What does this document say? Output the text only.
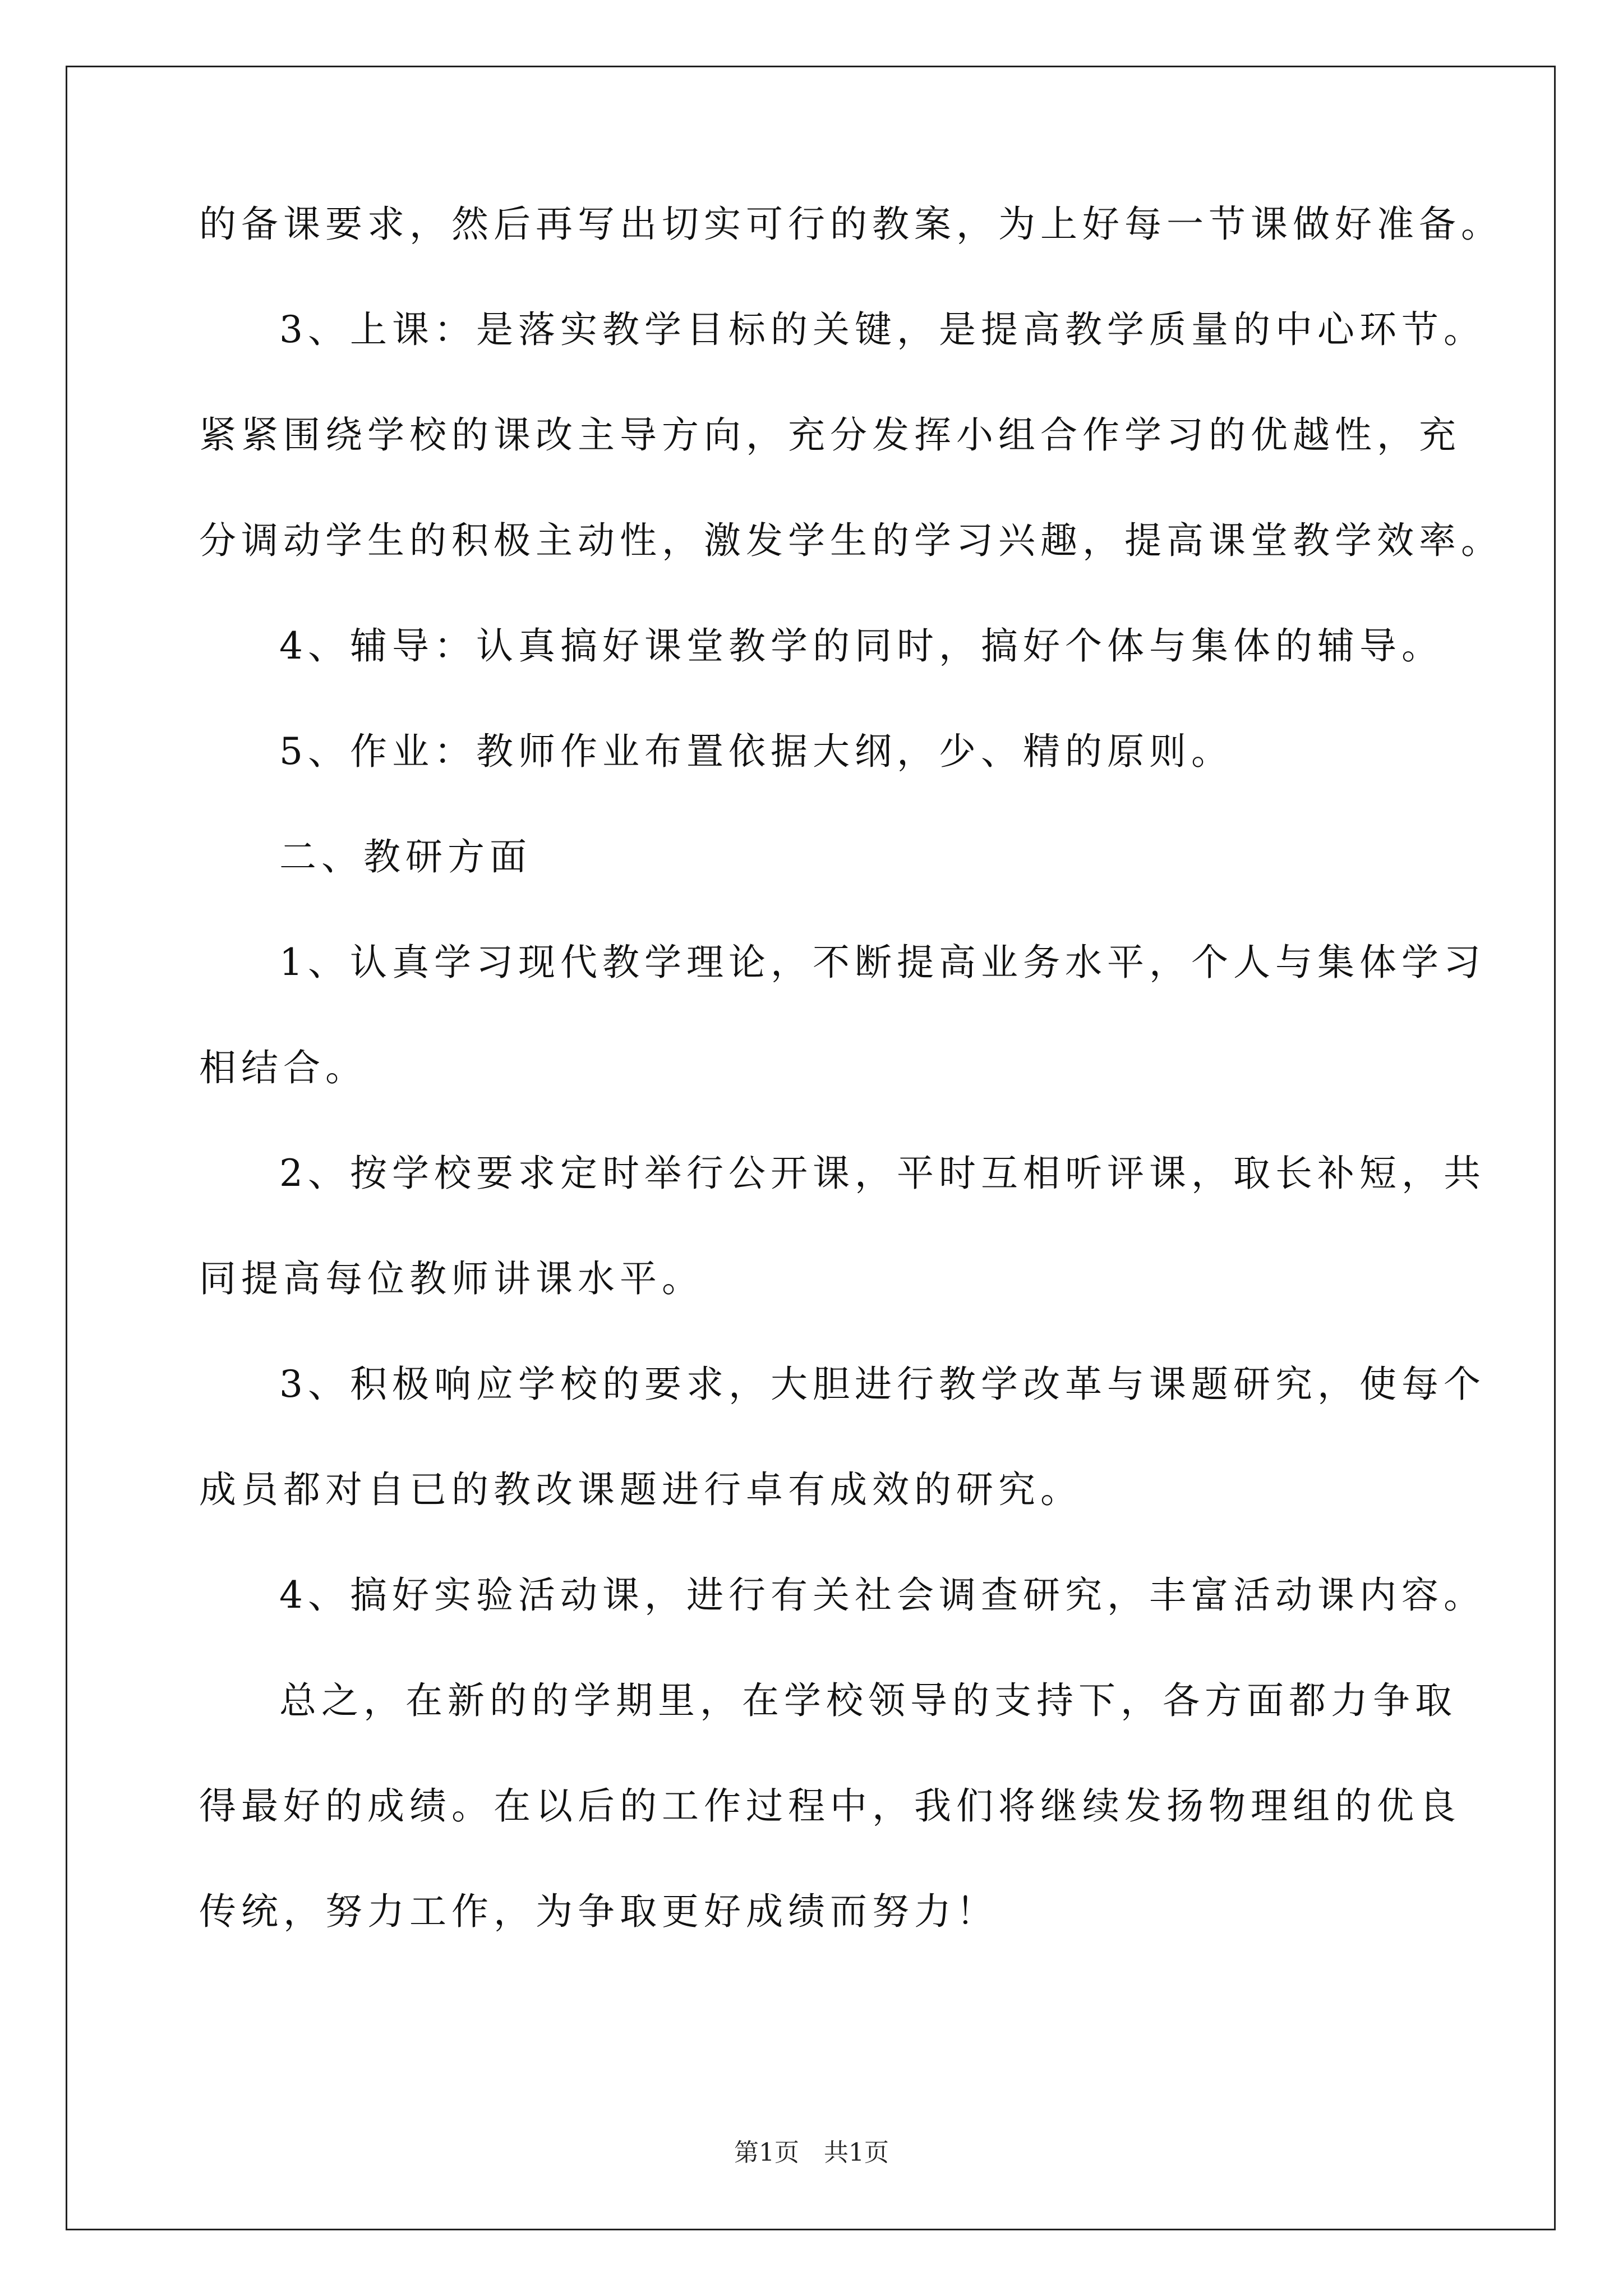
的备课要求，然后再写出切实可行的教案，为上好每一节课做好准备。
3、上课：是落实教学目标的关键，是提高教学质量的中心环节。
紧紧围绕学校的课改主导方向，充分发挥小组合作学习的优越性，充
分调动学生的积极主动性，激发学生的学习兴趣，提高课堂教学效率。
4、辅导：认真搞好课堂教学的同时，搞好个体与集体的辅导。
5、作业：教师作业布置依据大纲，少、精的原则。
二、教研方面
1、认真学习现代教学理论，不断提高业务水平，个人与集体学习
相结合。
2、按学校要求定时举行公开课，平时互相听评课，取长补短，共
同提高每位教师讲课水平。
3、积极响应学校的要求，大胆进行教学改革与课题研究，使每个
成员都对自已的教改课题进行卓有成效的研究。
4、搞好实验活动课，进行有关社会调查研究，丰富活动课内容。
总之，在新的的学期里，在学校领导的支持下，各方面都力争取
得最好的成绩。在以后的工作过程中，我们将继续发扬物理组的优良
传统，努力工作，为争取更好成绩而努力！
第1页　共1页
